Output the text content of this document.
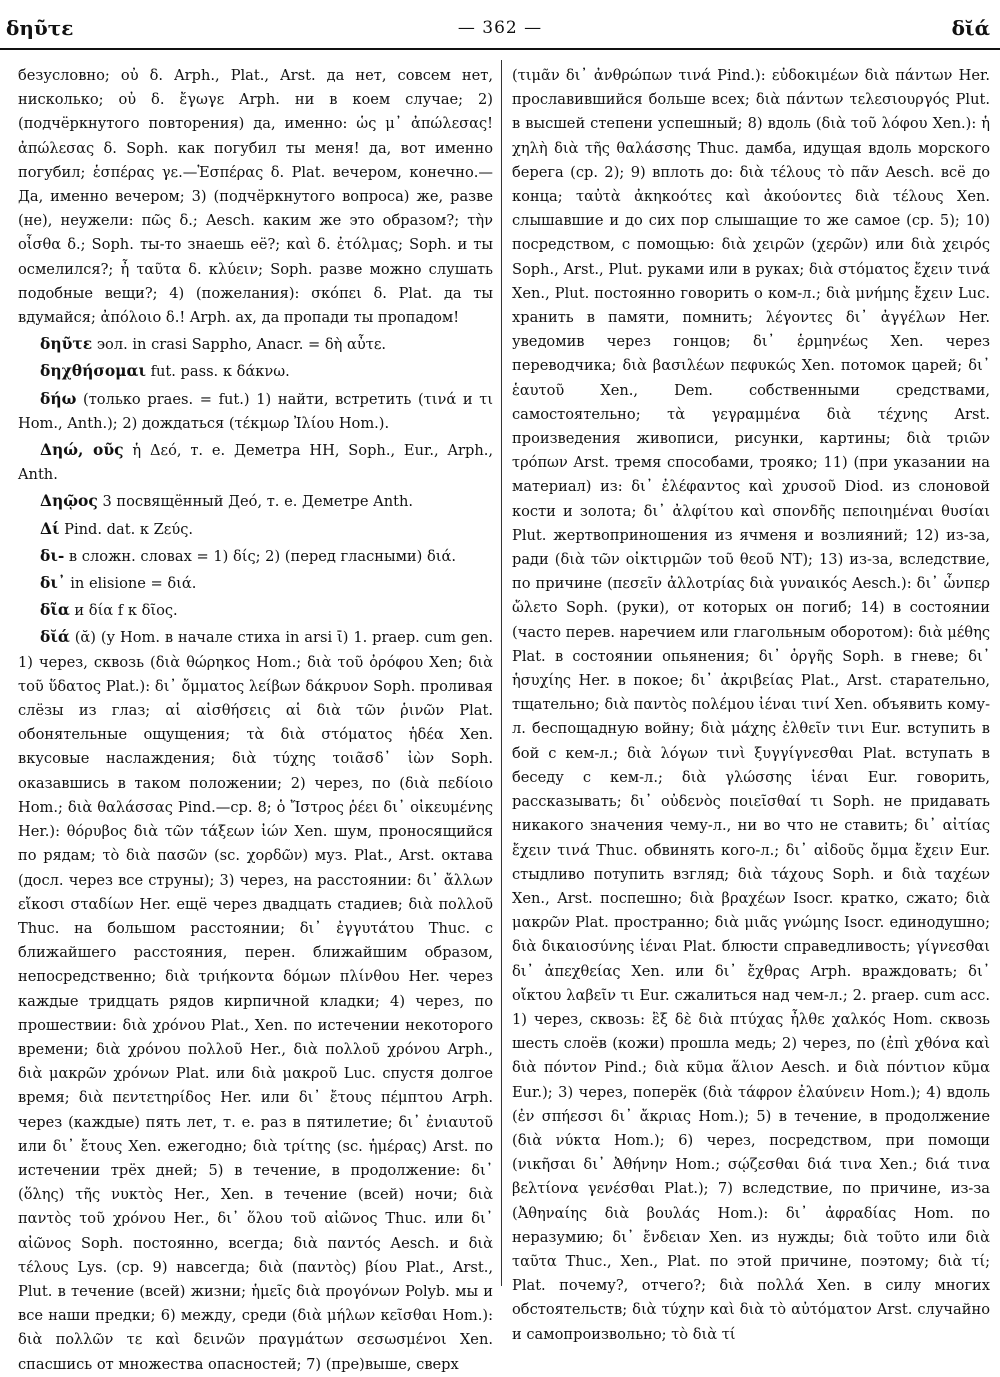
δηῦτε	— 362 —	δῐά

безусловно; οὐ δ. Arph., Plat., Arst. да нет, совсем нет, нисколько; οὐ δ. ἔγωγε Arph. ни в коем случае; 2) (подчёркнутого повторения) да, именно: ὡς μ᾽ ἀπώλεσας! ἀπώλεσας δ. Soph. как погубил ты меня! да, вот именно погубил; ἑσπέρας γε.—Ἑσπέρας δ. Plat. вечером, конечно.—Да, именно вечером; 3) (подчёркнутого вопроса) же, разве (не), неужели: πῶς δ.; Aesch. каким же это образом?; τὴν οἶσθα δ.; Soph. ты-то знаешь её?; καὶ δ. ἐτόλμας; Soph. и ты осмелился?; ἦ ταῦτα δ. κλύειν; Soph. разве можно слушать подобные вещи?; 4) (пожелания): σκόπει δ. Plat. да ты вдумайся; ἀπόλοιο δ.! Arph. ах, да пропади ты пропадом!

δηῦτε эол. in crasi Sappho, Anacr. = δὴ αὖτε.

δηχθήσομαι fut. pass. к δάκνω.

δήω (только praes. = fut.) 1) найти, встретить (τινά и τι Hom., Anth.); 2) дождаться (τέκμωρ Ἰλίου Hom.).

Δηώ, οῦς ἡ Δεό, т. е. Деметра HH, Soph., Eur., Arph., Anth.

Δηῷος 3 посвящённый Деό, т. е. Деметре Anth.

Δί Pind. dat. к Ζεύς.

δι- в сложн. словах = 1) δίς; 2) (перед гласными) διά.

δι᾽ in elisione = διά.

δῖα и δία f к δῖος.

δῐά (ᾰ) (у Hom. в начале стиха in arsi ῑ) 1. praep. cum gen. 1) через, сквозь (διὰ θώρηκος Hom.; διὰ τοῦ ὀρόφου Xen; διὰ τοῦ ὕδατος Plat.): δι᾽ ὄμματος λείβων δάκρυον Soph. проливая слёзы из глаз; αἱ αἰσθήσεις αἱ διὰ τῶν ῥινῶν Plat. обонятельные ощущения; τὰ διὰ στόματος ἡδέα Xen. вкусовые наслаждения; διὰ τύχης τοιᾶσδ᾽ ἰὼν Soph. оказавшись в таком положении; 2) через, по (διὰ πεδίοιο Hom.; διὰ θαλάσσας Pind.—ср. 8; ὁ Ἴστρος ῥέει δι᾽ οἰκευμένης Her.): θόρυβος διὰ τῶν τάξεων ἰών Xen. шум, проносящийся по рядам; τὸ διὰ πασῶν (sc. χορδῶν) муз. Plat., Arst. октава (досл. через все струны); 3) через, на расстоянии: δι᾽ ἄλλων εἴκοσι σταδίων Her. ещё через двадцать стадиев; διὰ πολλοῦ Thuc. на большом расстоянии; δι᾽ ἐγγυτάτου Thuc. с ближайшего расстояния, перен. ближайшим образом, непосредственно; διὰ τριήκοντα δόμων πλίνθου Her. через каждые тридцать рядов кирпичной кладки; 4) через, по прошествии: διὰ χρόνου Plat., Xen. по истечении некоторого времени; διὰ χρόνου πολλοῦ Her., διὰ πολλοῦ χρόνου Arph., διὰ μακρῶν χρόνων Plat. или διὰ μακροῦ Luc. спустя долгое время; διὰ πεντετηρίδος Her. или δι᾽ ἔτους πέμπτου Arph. через (каждые) пять лет, т. е. раз в пятилетие; δι᾽ ἐνιαυτοῦ или δι᾽ ἔτους Xen. ежегодно; διὰ τρίτης (sc. ἡμέρας) Arst. по истечении трёх дней; 5) в течение, в продолжение: δι᾽ (ὅλης) τῆς νυκτὸς Her., Xen. в течение (всей) ночи; διὰ παντὸς τοῦ χρόνου Her., δι᾽ ὅλου τοῦ αἰῶνος Thuc. или δι᾽ αἰῶνος Soph. постоянно, всегда; διὰ παντός Aesch. и διὰ τέλους Lys. (ср. 9) навсегда; διὰ (παντὸς) βίου Plat., Arst., Plut. в течение (всей) жизни; ἡμεῖς διὰ προγόνων Polyb. мы и все наши предки; 6) между, среди (διὰ μήλων κεῖσθαι Hom.): διὰ πολλῶν τε καὶ δεινῶν πραγμάτων σεσωσμένοι Xen. спасшись от множества опасностей; 7) (пре)выше, сверх

(τιμᾶν δι᾽ ἀνθρώπων τινά Pind.): εὐδοκιμέων διὰ πάντων Her. прославившийся больше всех; διὰ πάντων τελεσιουργός Plut. в высшей степени успешный; 8) вдоль (διὰ τοῦ λόφου Xen.): ἡ χηλὴ διὰ τῆς θαλάσσης Thuc. дамба, идущая вдоль морского берега (ср. 2); 9) вплоть до: διὰ τέλους τὸ πᾶν Aesch. всё до конца; ταὐτὰ ἀκηκοότες καὶ ἀκούοντες διὰ τέλους Xen. слышавшие и до сих пор слышащие то же самое (ср. 5); 10) посредством, с помощью: διὰ χειρῶν (χερῶν) или διὰ χειρός Soph., Arst., Plut. руками или в руках; διὰ στόματος ἔχειν τινά Xen., Plut. постоянно говорить о ком-л.; διὰ μνήμης ἔχειν Luc. хранить в памяти, помнить; λέγοντες δι᾽ ἀγγέλων Her. уведомив через гонцов; δι᾽ ἑρμηνέως Xen. через переводчика; διὰ βασιλέων πεφυκώς Xen. потомок царей; δι᾽ ἑαυτοῦ Xen., Dem. собственными средствами, самостоятельно; τὰ γεγραμμένα διὰ τέχνης Arst. произведения живописи, рисунки, картины; διὰ τριῶν τρόπων Arst. тремя способами, трояко; 11) (при указании на материал) из: δι᾽ ἐλέφαντος καὶ χρυσοῦ Diod. из слоновой кости и золота; δι᾽ ἀλφίτου καὶ σπονδῆς πεποιημέναι θυσίαι Plut. жертвоприношения из ячменя и возлияний; 12) из-за, ради (διὰ τῶν οἰκτιρμῶν τοῦ θεοῦ NT); 13) из-за, вследствие, по причине (πεσεῖν ἀλλοτρίας διὰ γυναικός Aesch.): δι᾽ ὧνπερ ὤλετο Soph. (руки), от которых он погиб; 14) в состоянии (часто перев. наречием или глагольным оборотом): διὰ μέθης Plat. в состоянии опьянения; δι᾽ ὀργῆς Soph. в гневе; δι᾽ ἡσυχίης Her. в покое; δι᾽ ἀκριβείας Plat., Arst. старательно, тщательно; διὰ παντὸς πολέμου ἰέναι τινί Xen. объявить кому-л. беспощадную войну; διὰ μάχης ἐλθεῖν τινι Eur. вступить в бой с кем-л.; διὰ λόγων τινὶ ξυγγίγνεσθαι Plat. вступать в беседу с кем-л.; διὰ γλώσσης ἰέναι Eur. говорить, рассказывать; δι᾽ οὐδενὸς ποιεῖσθαί τι Soph. не придавать никакого значения чему-л., ни во что не ставить; δι᾽ αἰτίας ἔχειν τινά Thuc. обвинять кого-л.; δι᾽ αἰδοῦς ὄμμα ἔχειν Eur. стыдливо потупить взгляд; διὰ τάχους Soph. и διὰ ταχέων Xen., Arst. поспешно; διὰ βραχέων Isocr. кратко, сжато; διὰ μακρῶν Plat. пространно; διὰ μιᾶς γνώμης Isocr. единодушно; διὰ δικαιοσύνης ἰέναι Plat. блюсти справедливость; γίγνεσθαι δι᾽ ἀπεχθείας Xen. или δι᾽ ἔχθρας Arph. враждовать; δι᾽ οἴκτου λαβεῖν τι Eur. сжалиться над чем-л.; 2. praep. cum acc. 1) через, сквозь: ἓξ δὲ διὰ πτύχας ἦλθε χαλκός Hom. сквозь шесть слоёв (кожи) прошла медь; 2) через, по (ἐπὶ χθόνα καὶ διὰ πόντον Pind.; διὰ κῦμα ἅλιον Aesch. и διὰ πόντιον κῦμα Eur.); 3) через, поперёк (διὰ τάφρον ἐλαύνειν Hom.); 4) вдоль (ἐν σπήεσσι δι᾽ ἄκριας Hom.); 5) в течение, в продолжение (διὰ νύκτα Hom.); 6) через, посредством, при помощи (νικῆσαι δι᾽ Ἀθήνην Hom.; σῴζεσθαι διά τινα Xen.; διά τινα βελτίονα γενέσθαι Plat.); 7) вследствие, по причине, из-за (Ἀθηναίης διὰ βουλάς Hom.): δι᾽ ἀφραδίας Hom. по неразумию; δι᾽ ἔνδειαν Xen. из нужды; διὰ τοῦτο или διὰ ταῦτα Thuc., Xen., Plat. по этой причине, поэтому; διὰ τί; Plat. почему?, отчего?; διὰ πολλά Xen. в силу многих обстоятельств; διὰ τύχην καὶ διὰ τὸ αὐτόματον Arst. случайно и самопроизвольно; τὸ διὰ τί
